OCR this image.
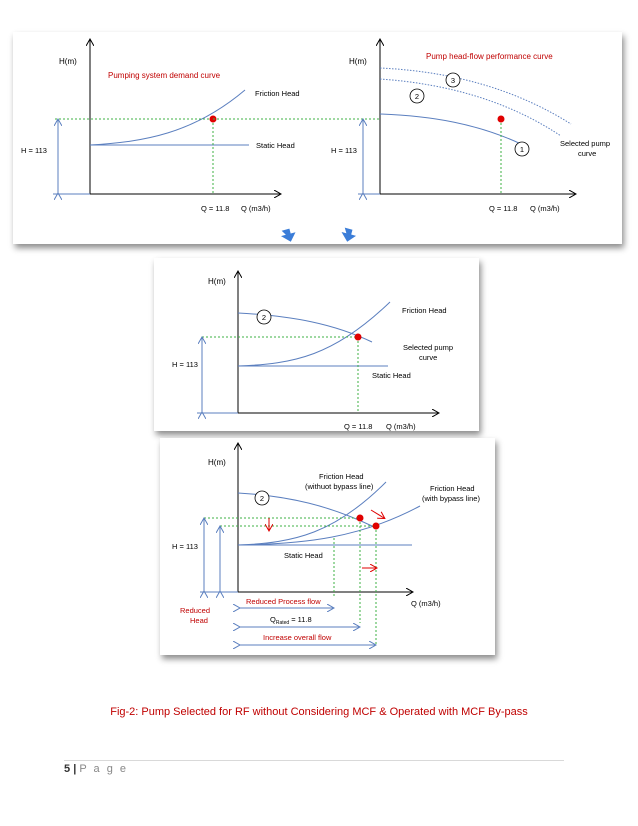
H(m)
Pumping system demand curve
Friction Head
Static Head
H = 113
Q = 11.8 Q (m3/h)
H(m)
Pump head-flow performance curve
3
2
1
Selected pump
curve
H = 113
Q = 11.8 Q (m3/h)
H(m)
2
Friction Head
Selected pump
curve
Static Head
H = 113
Q = 11.8 Q (m3/h)
H(m)
Friction Head
(withuot bypass line)	Friction Head
(with bypass line)
2
Static Head
H = 113
Reduced
Head
Reduced Process flow
$Q_{Rated} = 11.8$
Increase overall flow
Q (m3/h)
Fig-2: Pump Selected for RF without Considering MCF & Operated with MCF By-pass
5 | P a g e
